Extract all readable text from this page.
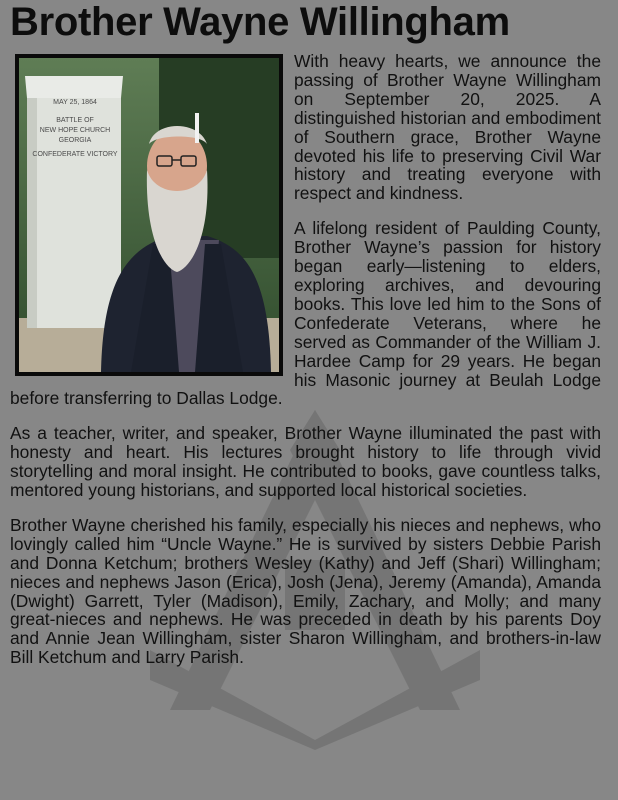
Brother Wayne Willingham
MAY 25, 1864
BATTLE OF
NEW HOPE CHURCH
GEORGIA
CONFEDERATE VICTORY

With heavy hearts, we announce the passing of Brother Wayne Willingham on September 20, 2025. A distinguished historian and embodiment of Southern grace, Brother Wayne devoted his life to preserving Civil War history and treating everyone with respect and kindness.

A lifelong resident of Paulding County, Brother Wayne’s passion for history began early—listening to elders, exploring archives, and devouring books. This love led him to the Sons of Confederate Veterans, where he served as Commander of the William J. Hardee Camp for 29 years. He began his Masonic journey at Beulah Lodge before transferring to Dallas Lodge.

As a teacher, writer, and speaker, Brother Wayne illuminated the past with honesty and heart. His lectures brought history to life through vivid storytelling and moral insight. He contributed to books, gave countless talks, mentored young historians, and supported local historical societies.

Brother Wayne cherished his family, especially his nieces and nephews, who lovingly called him “Uncle Wayne.” He is survived by sisters Debbie Parish and Donna Ketchum; brothers Wesley (Kathy) and Jeff (Shari) Willingham; nieces and nephews Jason (Erica), Josh (Jena), Jeremy (Amanda), Amanda (Dwight) Garrett, Tyler (Madison), Emily, Zachary, and Molly; and many great-nieces and nephews. He was preceded in death by his parents Doy and Annie Jean Willingham, sister Sharon Willingham, and brothers-in-law Bill Ketchum and Larry Parish.
